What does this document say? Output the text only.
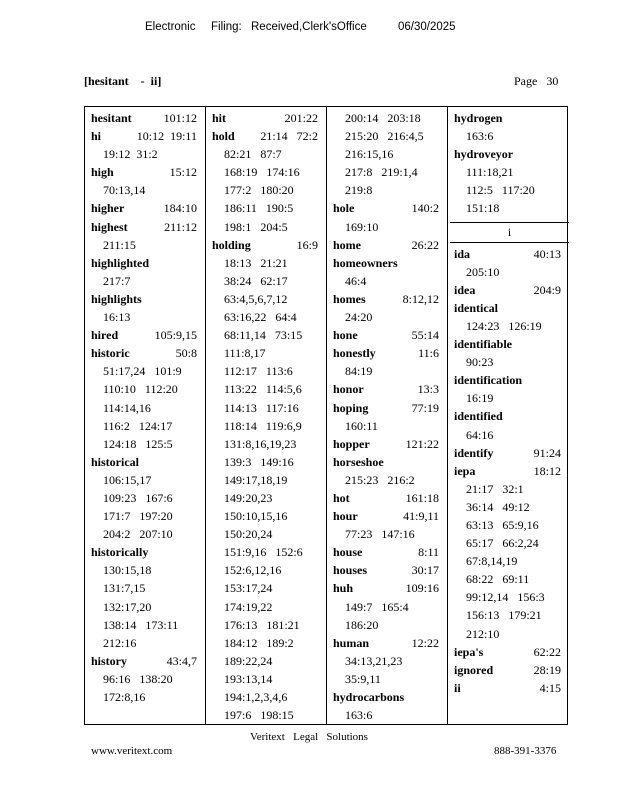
Electronic Filing: Received,Clerk'sOffice	06/30/2025
[hesitant    -  ii]	Page   30
hesitant	101:12
hi	10:12  19:11
19:12  31:2
high	15:12
70:13,14
higher	184:10
highest	211:12
211:15
highlighted
217:7
highlights
16:13
hired	105:9,15
historic	50:8
51:17,24   101:9
110:10   112:20
114:14,16
116:2   124:17
124:18   125:5
historical
106:15,17
109:23   167:6
171:7   197:20
204:2   207:10
historically
130:15,18
131:7,15
132:17,20
138:14   173:11
212:16
history	43:4,7
96:16   138:20
172:8,16
hit	201:22
hold 21:14   72:2
82:21   87:7
168:19   174:16
177:2   180:20
186:11   190:5
198:1   204:5
holding	16:9
18:13   21:21
38:24   62:17
63:4,5,6,7,12
63:16,22   64:4
68:11,14   73:15
111:8,17
112:17   113:6
113:22   114:5,6
114:13   117:16
118:14   119:6,9
131:8,16,19,23
139:3   149:16
149:17,18,19
149:20,23
150:10,15,16
150:20,24
151:9,16   152:6
152:6,12,16
153:17,24
174:19,22
176:13   181:21
184:12   189:2
189:22,24
193:13,14
194:1,2,3,4,6
197:6   198:15
200:14   203:18
215:20   216:4,5
216:15,16
217:8   219:1,4
219:8
hole	140:2
169:10
home	26:22
homeowners
46:4
homes	8:12,12
24:20
hone	55:14
honestly	11:6
84:19
honor	13:3
hoping	77:19
160:11
hopper	121:22
horseshoe
215:23   216:2
hot	161:18
hour	41:9,11
77:23   147:16
house	8:11
houses	30:17
huh	109:16
149:7   165:4
186:20
human	12:22
34:13,21,23
35:9,11
hydrocarbons
163:6
hydrogen
163:6
hydroveyor
111:18,21
112:5   117:20
151:18
i
ida	40:13
205:10
idea	204:9
identical
124:23   126:19
identifiable
90:23
identification
16:19
identified
64:16
identify	91:24
iepa	18:12
21:17   32:1
36:14   49:12
63:13   65:9,16
65:17   66:2,24
67:8,14,19
68:22   69:11
99:12,14   156:3
156:13   179:21
212:10
iepa's	62:22
ignored	28:19
ii	4:15
Veritext   Legal   Solutions
www.veritext.com	888-391-3376
